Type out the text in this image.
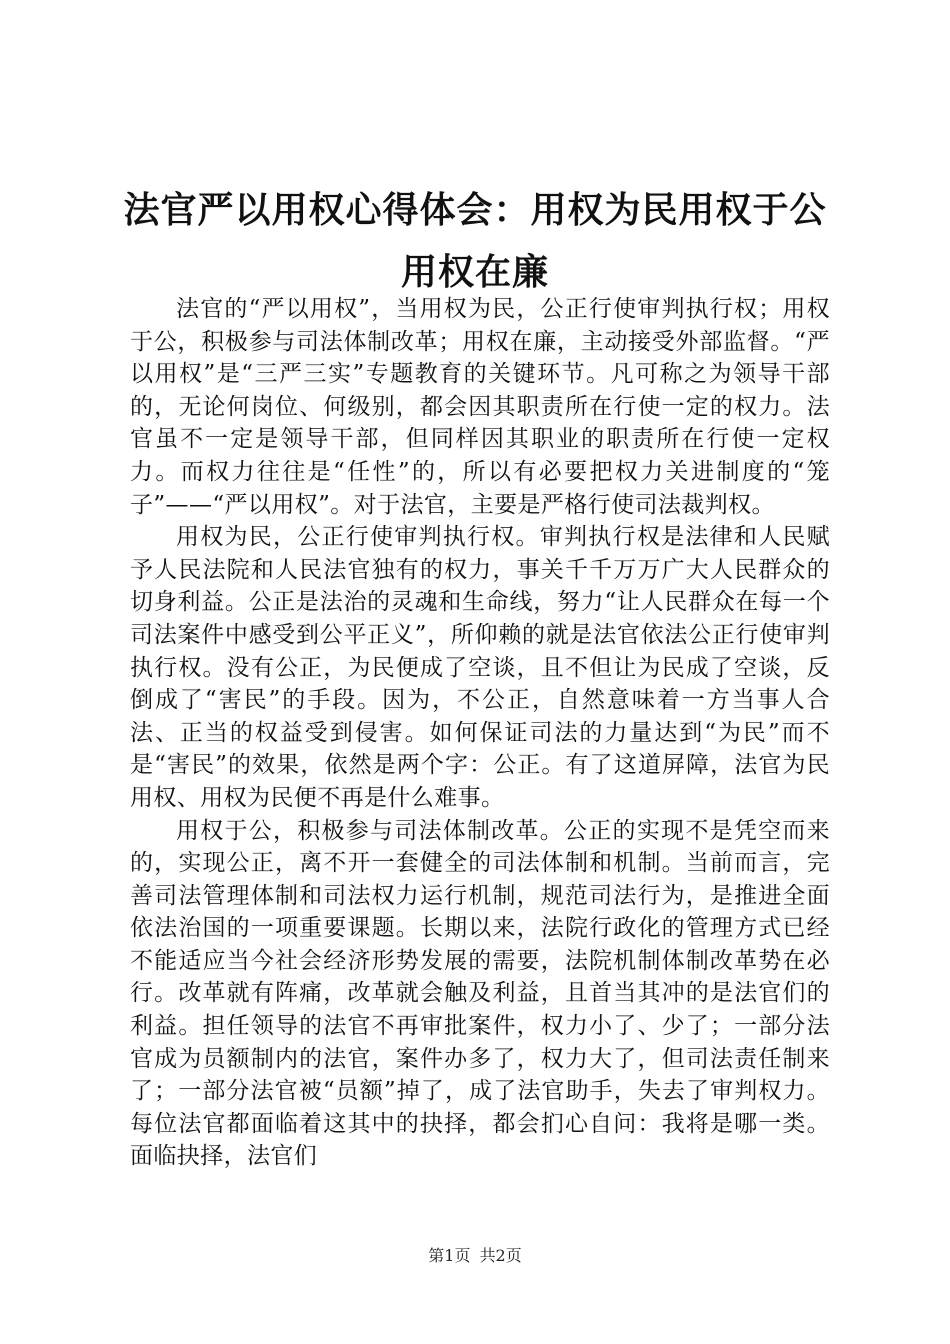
法官严以用权心得体会：用权为民用权于公用权在廉

法官的“严以用权”，当用权为民，公正行使审判执行权；用权于公，积极参与司法体制改革；用权在廉，主动接受外部监督。“严以用权”是“三严三实”专题教育的关键环节。凡可称之为领导干部的，无论何岗位、何级别，都会因其职责所在行使一定的权力。法官虽不一定是领导干部，但同样因其职业的职责所在行使一定权力。而权力往往是“任性”的，所以有必要把权力关进制度的“笼子”——“严以用权”。对于法官，主要是严格行使司法裁判权。

用权为民，公正行使审判执行权。审判执行权是法律和人民赋予人民法院和人民法官独有的权力，事关千千万万广大人民群众的切身利益。公正是法治的灵魂和生命线，努力“让人民群众在每一个司法案件中感受到公平正义”，所仰赖的就是法官依法公正行使审判执行权。没有公正，为民便成了空谈，且不但让为民成了空谈，反倒成了“害民”的手段。因为，不公正，自然意味着一方当事人合法、正当的权益受到侵害。如何保证司法的力量达到“为民”而不是“害民”的效果，依然是两个字：公正。有了这道屏障，法官为民用权、用权为民便不再是什么难事。

用权于公，积极参与司法体制改革。公正的实现不是凭空而来的，实现公正，离不开一套健全的司法体制和机制。当前而言，完善司法管理体制和司法权力运行机制，规范司法行为，是推进全面依法治国的一项重要课题。长期以来，法院行政化的管理方式已经不能适应当今社会经济形势发展的需要，法院机制体制改革势在必行。改革就有阵痛，改革就会触及利益，且首当其冲的是法官们的利益。担任领导的法官不再审批案件，权力小了、少了；一部分法官成为员额制内的法官，案件办多了，权力大了，但司法责任制来了；一部分法官被“员额”掉了，成了法官助手，失去了审判权力。每位法官都面临着这其中的抉择，都会扪心自问：我将是哪一类。面临抉择，法官们

第1页 共2页
